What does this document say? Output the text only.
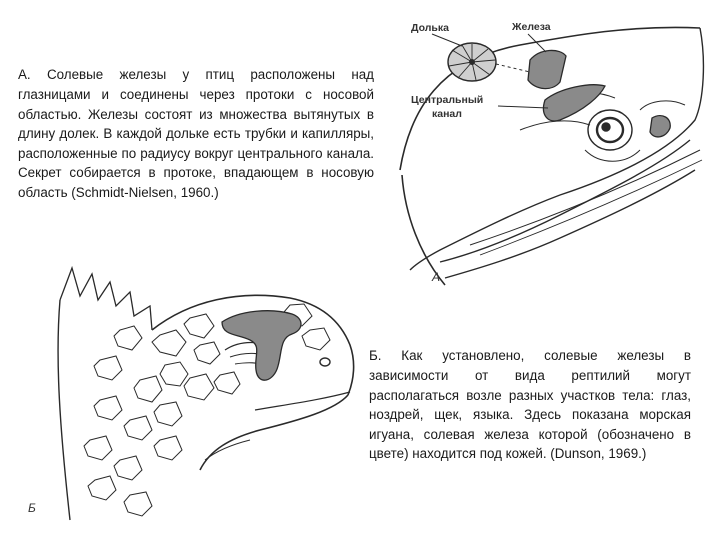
А. Солевые железы у птиц расположены над глазницами и соединены через протоки с носовой областью. Железы состоят из множества вытянутых в длину долек. В каждой дольке есть трубки и капилляры, расположенные по радиусу вокруг центрального канала. Секрет собирается в протоке, впадающем в носовую область (Schmidt-Nielsen, 1960.)

Б. Как установлено, солевые железы в зависимости от вида рептилий могут располагаться возле разных участков тела: глаз, ноздрей, щек, языка. Здесь показана морская игуана, солевая железа которой (обозначено в цвете) находится под кожей. (Dunson, 1969.)

Долька	Железа
Центральный
канал
А
Б
